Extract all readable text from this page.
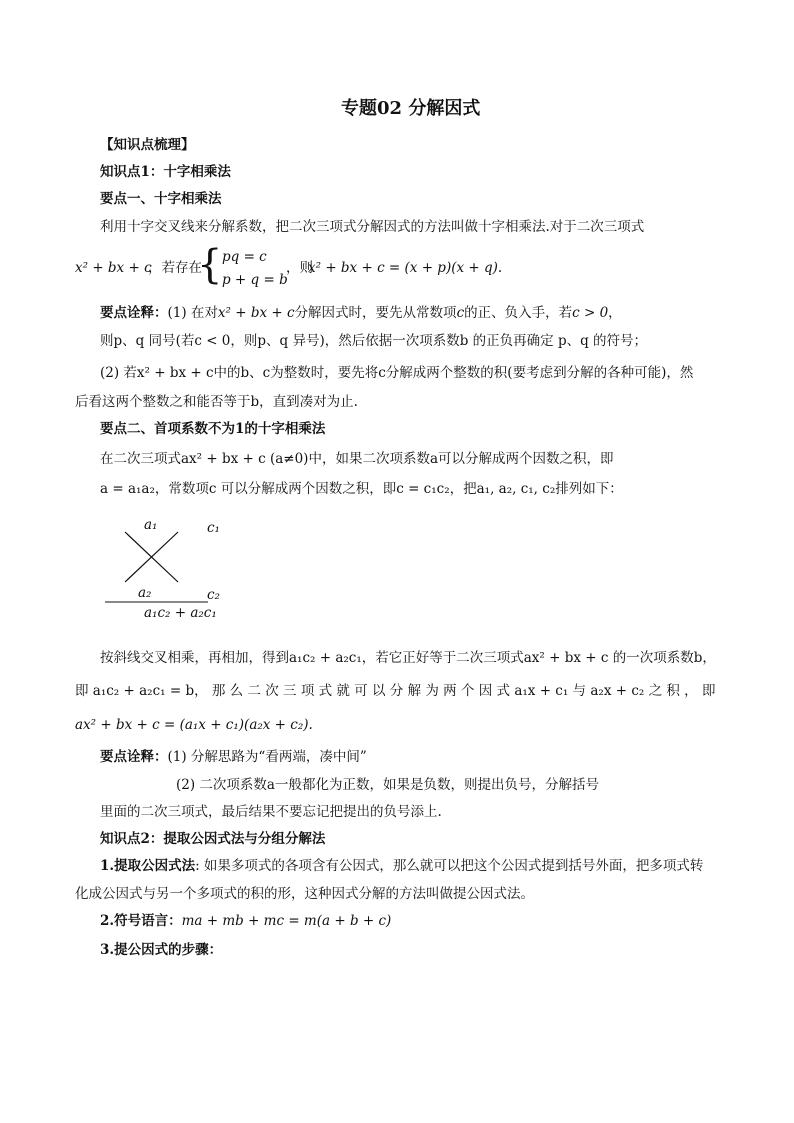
专题02 分解因式
【知识点梳理】
知识点1：十字相乘法
要点一、十字相乘法
利用十字交叉线来分解系数，把二次三项式分解因式的方法叫做十字相乘法.对于二次三项式
x² + bx + c
，若存在
{ pq = c
p + q = b
，则
x² + bx + c = (x + p)(x + q).
要点诠释：(1) 在对x² + bx + c分解因式时，要先从常数项c的正、负入手，若c > 0，
则p、q 同号(若c < 0，则p、q 异号)，然后依据一次项系数b 的正负再确定 p、q 的符号；
(2) 若x² + bx + c中的b、c为整数时，要先将c分解成两个整数的积(要考虑到分解的各种可能)，然
后看这两个整数之和能否等于b，直到凑对为止.
要点二、首项系数不为1的十字相乘法
在二次三项式ax² + bx + c (a≠0)中，如果二次项系数a可以分解成两个因数之积，即
a = a₁a₂，常数项c 可以分解成两个因数之积，即c = c₁c₂，把a₁, a₂, c₁, c₂排列如下：
a₁	c₁
a₂	c₂
a₁c₂ + a₂c₁
按斜线交叉相乘，再相加，得到a₁c₂ + a₂c₁，若它正好等于二次三项式ax² + bx + c 的一次项系数b，
即 a₁c₂ + a₂c₁ = b， 那 么 二 次 三 项 式 就 可 以 分 解 为 两 个 因 式 a₁x + c₁ 与 a₂x + c₂ 之 积 ， 即
ax² + bx + c = (a₁x + c₁)(a₂x + c₂).
要点诠释：(1) 分解思路为“看两端，凑中间”
(2) 二次项系数a一般都化为正数，如果是负数，则提出负号，分解括号
里面的二次三项式，最后结果不要忘记把提出的负号添上.
知识点2：提取公因式法与分组分解法
1.提取公因式法: 如果多项式的各项含有公因式，那么就可以把这个公因式提到括号外面，把多项式转
化成公因式与另一个多项式的积的形，这种因式分解的方法叫做提公因式法。
2.符号语言：ma + mb + mc = m(a + b + c)
3.提公因式的步骤：
